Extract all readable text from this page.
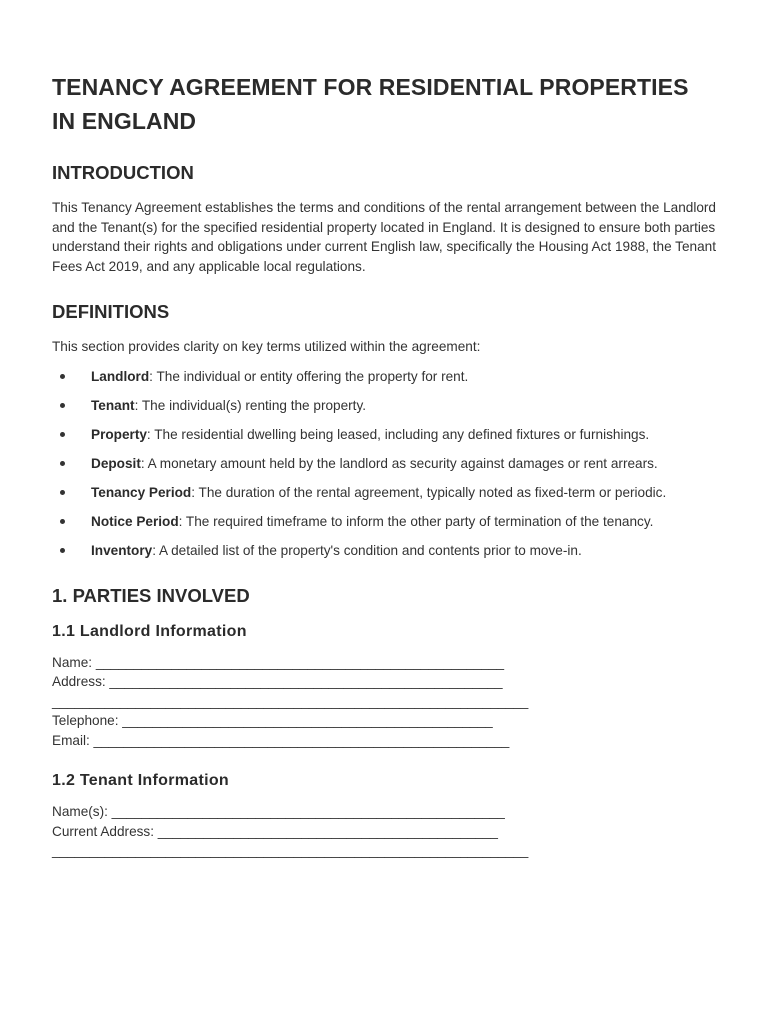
TENANCY AGREEMENT FOR RESIDENTIAL PROPERTIES IN ENGLAND
INTRODUCTION

This Tenancy Agreement establishes the terms and conditions of the rental arrangement between the Landlord and the Tenant(s) for the specified residential property located in England. It is designed to ensure both parties understand their rights and obligations under current English law, specifically the Housing Act 1988, the Tenant Fees Act 2019, and any applicable local regulations.

DEFINITIONS

This section provides clarity on key terms utilized within the agreement:

Landlord: The individual or entity offering the property for rent.
Tenant: The individual(s) renting the property.
Property: The residential dwelling being leased, including any defined fixtures or furnishings.
Deposit: A monetary amount held by the landlord as security against damages or rent arrears.
Tenancy Period: The duration of the rental agreement, typically noted as fixed-term or periodic.
Notice Period: The required timeframe to inform the other party of termination of the tenancy.
Inventory: A detailed list of the property's condition and contents prior to move-in.
1. PARTIES INVOLVED
1.1 Landlord Information
Name: ______________________________________________________
Address: ____________________________________________________
_______________________________________________________________
Telephone: _________________________________________________
Email: _______________________________________________________
1.2 Tenant Information
Name(s): ____________________________________________________
Current Address: _____________________________________________
_______________________________________________________________
